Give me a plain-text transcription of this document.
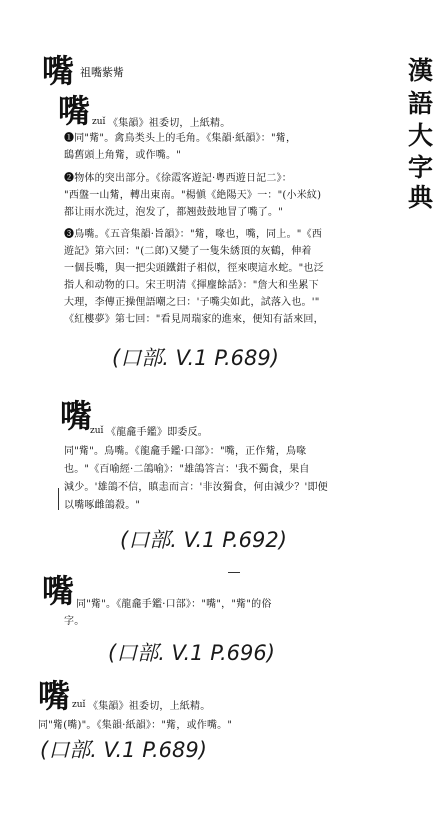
漢
語
大
字
典
嘴 祖嘴紫觜
嘴 zuǐ 《集韻》祖委切，上紙精。
❶同"觜"。禽鳥类头上的毛角。《集韻·紙韻》："觜，
鴟舊頭上角觜，或作嘴。"
❷物体的突出部分。《徐霞客遊記·粵西遊日記二》：
"西盤一山觜，轉出東南。"楊愼《絶陽天》一："(小米紋)
都让雨水洗过，泡发了，都翘鼓鼓地冒了嘴了。"
❸鳥嘴。《五音集韻·旨韻》："觜，喙也，嘴，同上。"《西
遊記》第六回："(二郎)又變了一隻朱綉頂的灰鶴，伸着
一個長嘴，與一把尖頭鐵鉗子相似，徑來喫這水蛇。"也泛
指人和动物的口。宋王明清《揮麈餘話》："詹大和坐累下
大理，李傳正操俚語嘲之曰：'子嘴尖如此，試落入也。'"
《紅樓夢》第七回："看見周瑞家的進來，便知有話來回，
(口部. V.1 P.689)
嘴
zuǐ 《龍龕手鑑》即委反。
同"觜"。鳥嘴。《龍龕手鑑·口部》："嘴，正作觜，鳥喙
也。"《百喻經·二鴿喻》："雄鴿答言：'我不獨食，果自
減少。'雄鴿不信，瞋恚而言：'非汝獨食，何由減少？'即便
以嘴啄雌鴿殺。"
(口部. V.1 P.692)
嘴 同"觜"。《龍龕手鑑·口部》："嘴"，"觜"的俗
字。
(口部. V.1 P.696)
嘴 zuǐ 《集韻》祖委切，上紙精。
同"觜(嘴)"。《集韻·紙韻》："觜，或作嘴。"
(口部. V.1 P.689)
